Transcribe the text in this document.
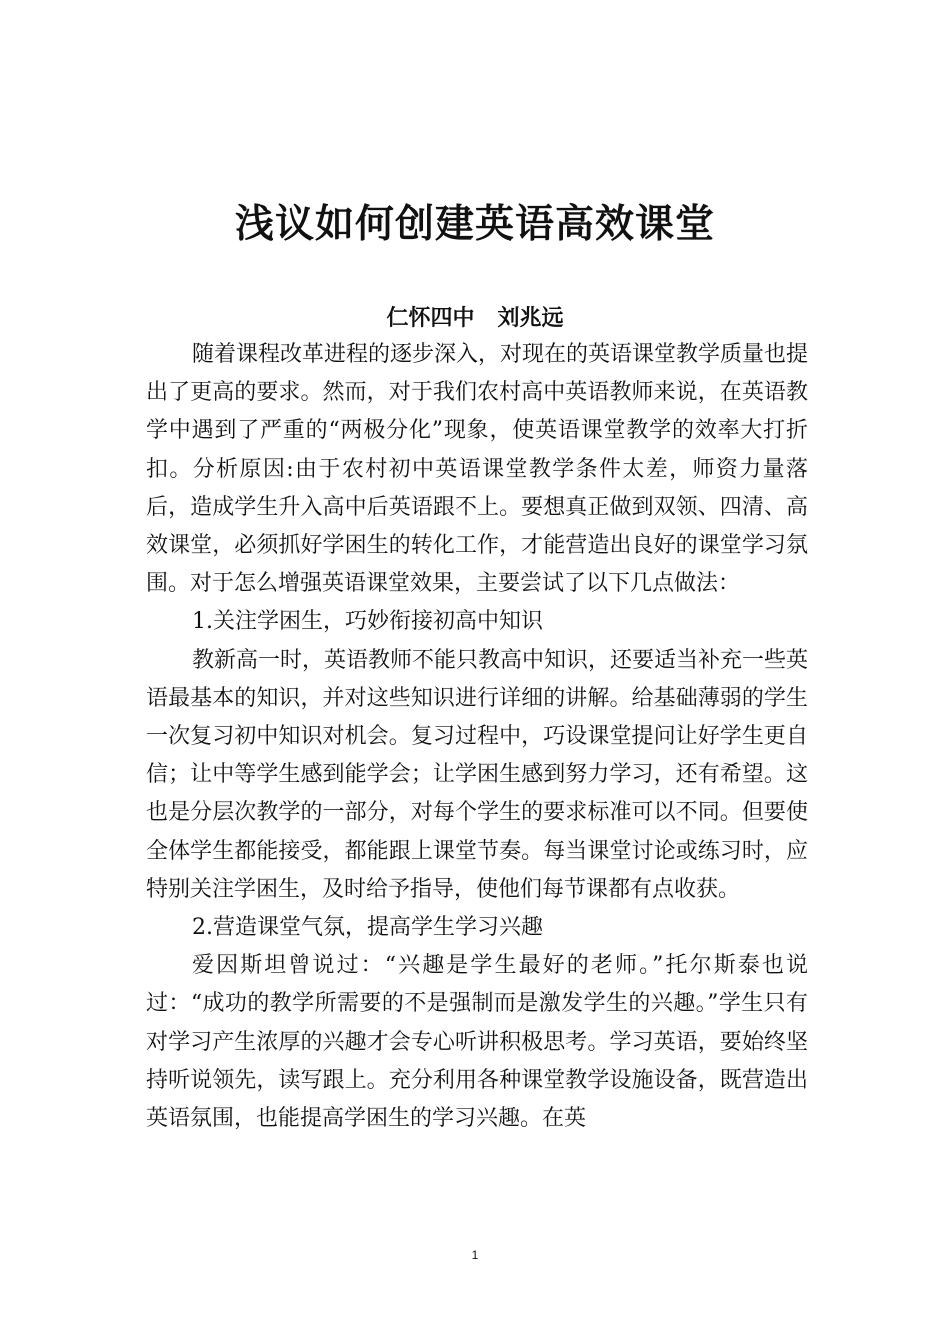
浅议如何创建英语高效课堂
仁怀四中   刘兆远

随着课程改革进程的逐步深入，对现在的英语课堂教学质量也提出了更高的要求。然而，对于我们农村高中英语教师来说，在英语教学中遇到了严重的“两极分化”现象，使英语课堂教学的效率大打折扣。分析原因:由于农村初中英语课堂教学条件太差，师资力量落后，造成学生升入高中后英语跟不上。要想真正做到双领、四清、高效课堂，必须抓好学困生的转化工作，才能营造出良好的课堂学习氛围。对于怎么增强英语课堂效果，主要尝试了以下几点做法：

1.关注学困生，巧妙衔接初高中知识

教新高一时，英语教师不能只教高中知识，还要适当补充一些英语最基本的知识，并对这些知识进行详细的讲解。给基础薄弱的学生一次复习初中知识对机会。复习过程中，巧设课堂提问让好学生更自信；让中等学生感到能学会；让学困生感到努力学习，还有希望。这也是分层次教学的一部分，对每个学生的要求标准可以不同。但要使全体学生都能接受，都能跟上课堂节奏。每当课堂讨论或练习时，应特别关注学困生，及时给予指导，使他们每节课都有点收获。

2.营造课堂气氛，提高学生学习兴趣

爱因斯坦曾说过：“兴趣是学生最好的老师。”托尔斯泰也说过：“成功的教学所需要的不是强制而是激发学生的兴趣。”学生只有对学习产生浓厚的兴趣才会专心听讲积极思考。学习英语，要始终坚持听说领先，读写跟上。充分利用各种课堂教学设施设备，既营造出英语氛围，也能提高学困生的学习兴趣。在英

1
